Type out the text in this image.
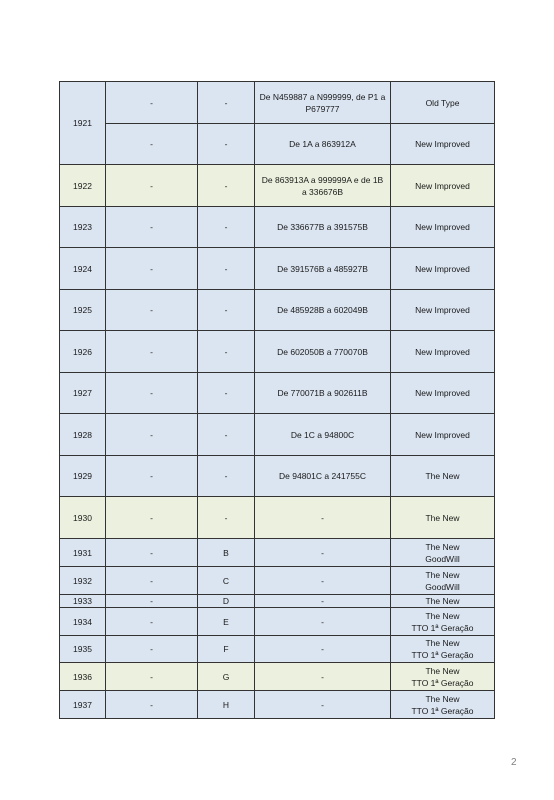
1921	-	-	De N459887 a N999999, de P1 a P679777	Old Type
	-	-	De 1A a 863912A	New Improved
1922	-	-	De 863913A a 999999A e de 1B a 336676B	New Improved
1923	-	-	De 336677B a 391575B	New Improved
1924	-	-	De 391576B a 485927B	New Improved
1925	-	-	De 485928B a 602049B	New Improved
1926	-	-	De 602050B a 770070B	New Improved
1927	-	-	De 770071B a 902611B	New Improved
1928	-	-	De 1C a 94800C	New Improved
1929	-	-	De 94801C a 241755C	The New
1930	-	-	-	The New
1931	-	B	-	The New
GoodWill
1932	-	C	-	The New
GoodWill
1933	-	D	-	The New
1934	-	E	-	The New
TTO 1ª Geração
1935	-	F	-	The New
TTO 1ª Geração
1936	-	G	-	The New
TTO 1ª Geração
1937	-	H	-	The New
TTO 1ª Geração
2
